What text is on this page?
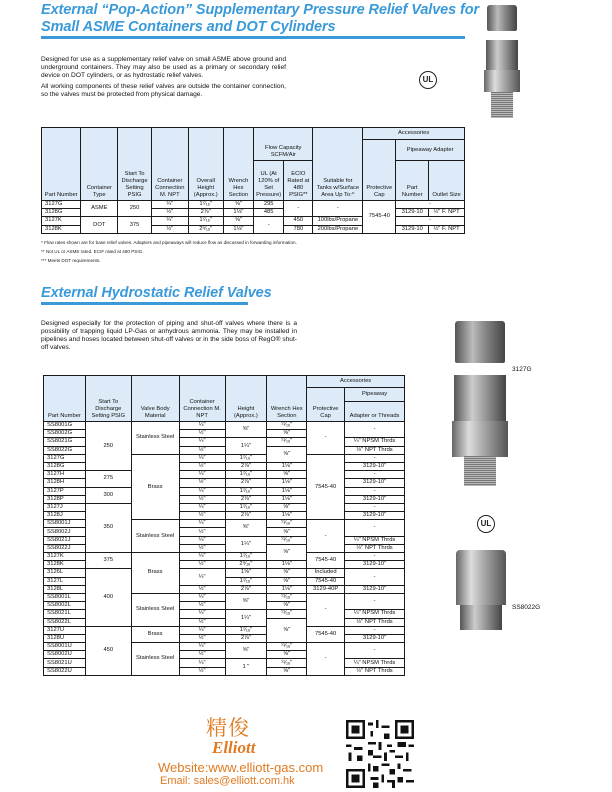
External “Pop-Action” Supplementary Pressure Relief Valves for
Small ASME Containers and DOT Cylinders

Designed for use as a supplementary relief valve on small ASME above ground and underground containers. They may also be used as a primary or secondary relief device on DOT cylinders, or as hydrostatic relief valves.

All working components of these relief valves are outside the container connection, so the valves must be protected from physical damage.

UL
Part Number	Container Type	Start To Discharge Setting PSIG	Container Connection M. NPT	Overall Height (Approx.)	Wrench Hex Section	Flow Capacity SCFM/Air		Suitable for Tanks w/Surface Area Up To:^	Accessories		
									Protective Cap	Pipeaway Adapter	
						UL (At 120% of Set Pressure)	ECIO Rated at 480 PSIG**			Part Number	Outlet Size
3127G	ASME	250	¼"	1⁷⁄₁₆"	⅝"	295	-	-	7545-40	-	
3128G			½"	2⅞"	1⅛"	485				3129-10	½" F. NPT
3127K	DOT	375	¼"	1⁷⁄₁₆"	⅝"	-	450	100lbs/Propane		-	
3128K			½"	2⁹⁄₁₆"	1⅛"		780	200lbs/Propane		3129-10	½" F. NPT
* Flow rates shown are for base relief valves. Adapters and pipeaways will reduce flow as discussed in forwarding information.
** Not UL or ASME rated. ECIF rated at 480 PSIG.
*** Meets DOT requirements.
External Hydrostatic Relief Valves

Designed especially for the protection of piping and shut-off valves where there is a possibility of trapping liquid LP-Gas or anhydrous ammonia. They may be installed in pipelines and hoses located between shut-off valves or in the side boss of RegO® shut-off valves.

Part Number	Start To Discharge Setting PSIG	Valve Body Material	Container Connection M. NPT	Height (Approx.)	Wrench Hex Section	Accessories	
						Protective Cap	Pipeaway
							Adapter or Threads
SS8001G	250	Stainless Steel	¼"	⅝"	¹¹⁄₁₆"	-	-
SS8002G			½"		⅝"		
SS8021G			¼"	1¼"	¹¹⁄₁₆"		¼" NPSM Thrds
SS8022G			½"		⅝"		½" NPT Thrds
3127G		Brass	¼"	1⁷⁄₁₆"		7545-40	-
3128G			½"	2⅞"	1⅛"		3129-10"
3127H	275		¼"	1⁷⁄₁₆"	⅝"		-
3128H			½"	2⅞"	1⅛"		3129-10"
3127P	300		¼"	1⁷⁄₁₆"	1⅛"		-
3128P			½"	2⅞"	1⅛"		3129-10"
3127J	350		¼"	1⁷⁄₁₆"	⅝"		-
3128J			½"	2⅞"	1⅛"		3129-10"
SS8001J		Stainless Steel	¼"	⅝"	¹¹⁄₁₆"	-	-
SS8002J			½"		⅝"		
SS8021J			¼"	1¼"	¹¹⁄₁₆"		¼" NPSM Thrds
SS8022J			½"		⅝"		½" NPT Thrds
3127K	375	Brass	¼"	1⁷⁄₁₆"		7545-40	-
3128K			½"	2⁹⁄₁₆"	1⅛"		3129-10"
3126L	400		¼"	1⅝"	⅝"	Included	-
3127L				1⁷⁄₁₆"	⅝"	7545-40	
3128L			½"	2⅞"	1⅛"	3129-40P	3129-10"
SS8001L		Stainless Steel	¼"	⅝"	¹¹⁄₁₆"	-	-
SS8002L			½"		⅝"		
SS8021L			¼"	1¼"	¹¹⁄₁₆"		¼" NPSM Thrds
SS8022L			½"		⅝"		½" NPT Thrds
3127U	450	Brass	¼"	1⁷⁄₁₆"		7545-40	-
3128U			½"	2⅞"			3129-10"
SS8001U		Stainless Steel	¼"	⅝"	¹¹⁄₁₆"	-	-
SS8002U			½"		⅝"		
SS8021U			¼"	1 "	¹¹⁄₁₆"		¼" NPSM Thrds
SS8022U			½"		⅝"		½" NPT Thrds
3127G
UL
SS8022G
精俊
Elliott
Website:www.elliott-gas.com
Email: sales@elliott.com.hk
